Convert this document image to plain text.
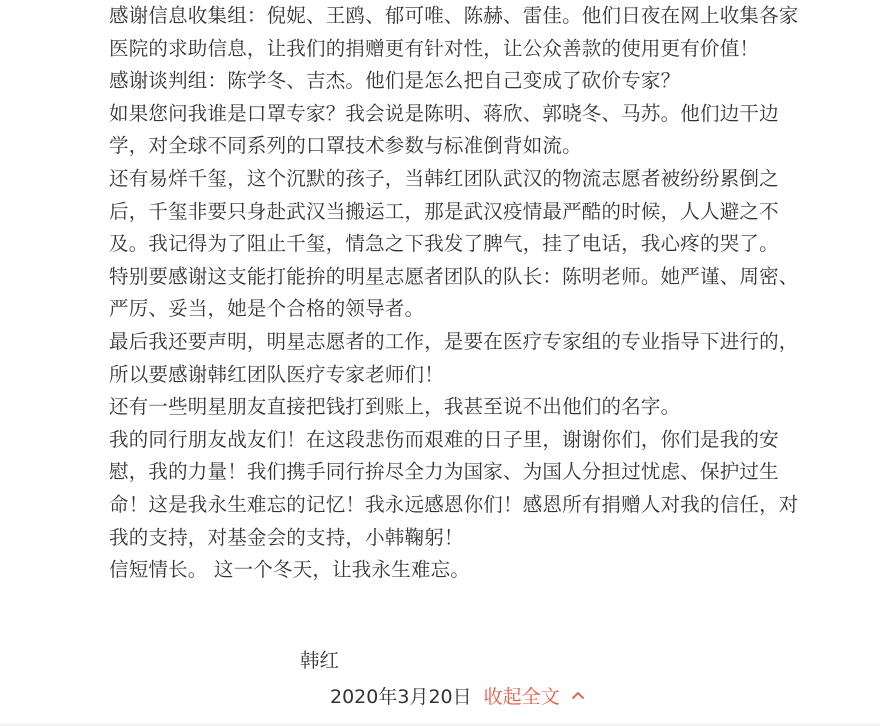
感谢信息收集组：倪妮、王鸥、郁可唯、陈赫、雷佳。他们日夜在网上收集各家

医院的求助信息，让我们的捐赠更有针对性，让公众善款的使用更有价值！

感谢谈判组：陈学冬、吉杰。他们是怎么把自己变成了砍价专家？

如果您问我谁是口罩专家？我会说是陈明、蒋欣、郭晓冬、马苏。他们边干边

学，对全球不同系列的口罩技术参数与标准倒背如流。

还有易烊千玺，这个沉默的孩子，当韩红团队武汉的物流志愿者被纷纷累倒之

后，千玺非要只身赴武汉当搬运工，那是武汉疫情最严酷的时候，人人避之不

及。我记得为了阻止千玺，情急之下我发了脾气，挂了电话，我心疼的哭了。

特别要感谢这支能打能拚的明星志愿者团队的队长：陈明老师。她严谨、周密、

严厉、妥当，她是个合格的领导者。

最后我还要声明，明星志愿者的工作，是要在医疗专家组的专业指导下进行的，

所以要感谢韩红团队医疗专家老师们！

还有一些明星朋友直接把钱打到账上，我甚至说不出他们的名字。

我的同行朋友战友们！在这段悲伤而艰难的日子里，谢谢你们，你们是我的安

慰，我的力量！我们携手同行拚尽全力为国家、为国人分担过忧虑、保护过生

命！这是我永生难忘的记忆！我永远感恩你们！感恩所有捐赠人对我的信任，对

我的支持，对基金会的支持，小韩鞠躬！

信短情长。 这一个冬天，让我永生难忘。

韩红
2020年3月20日 收起全文
